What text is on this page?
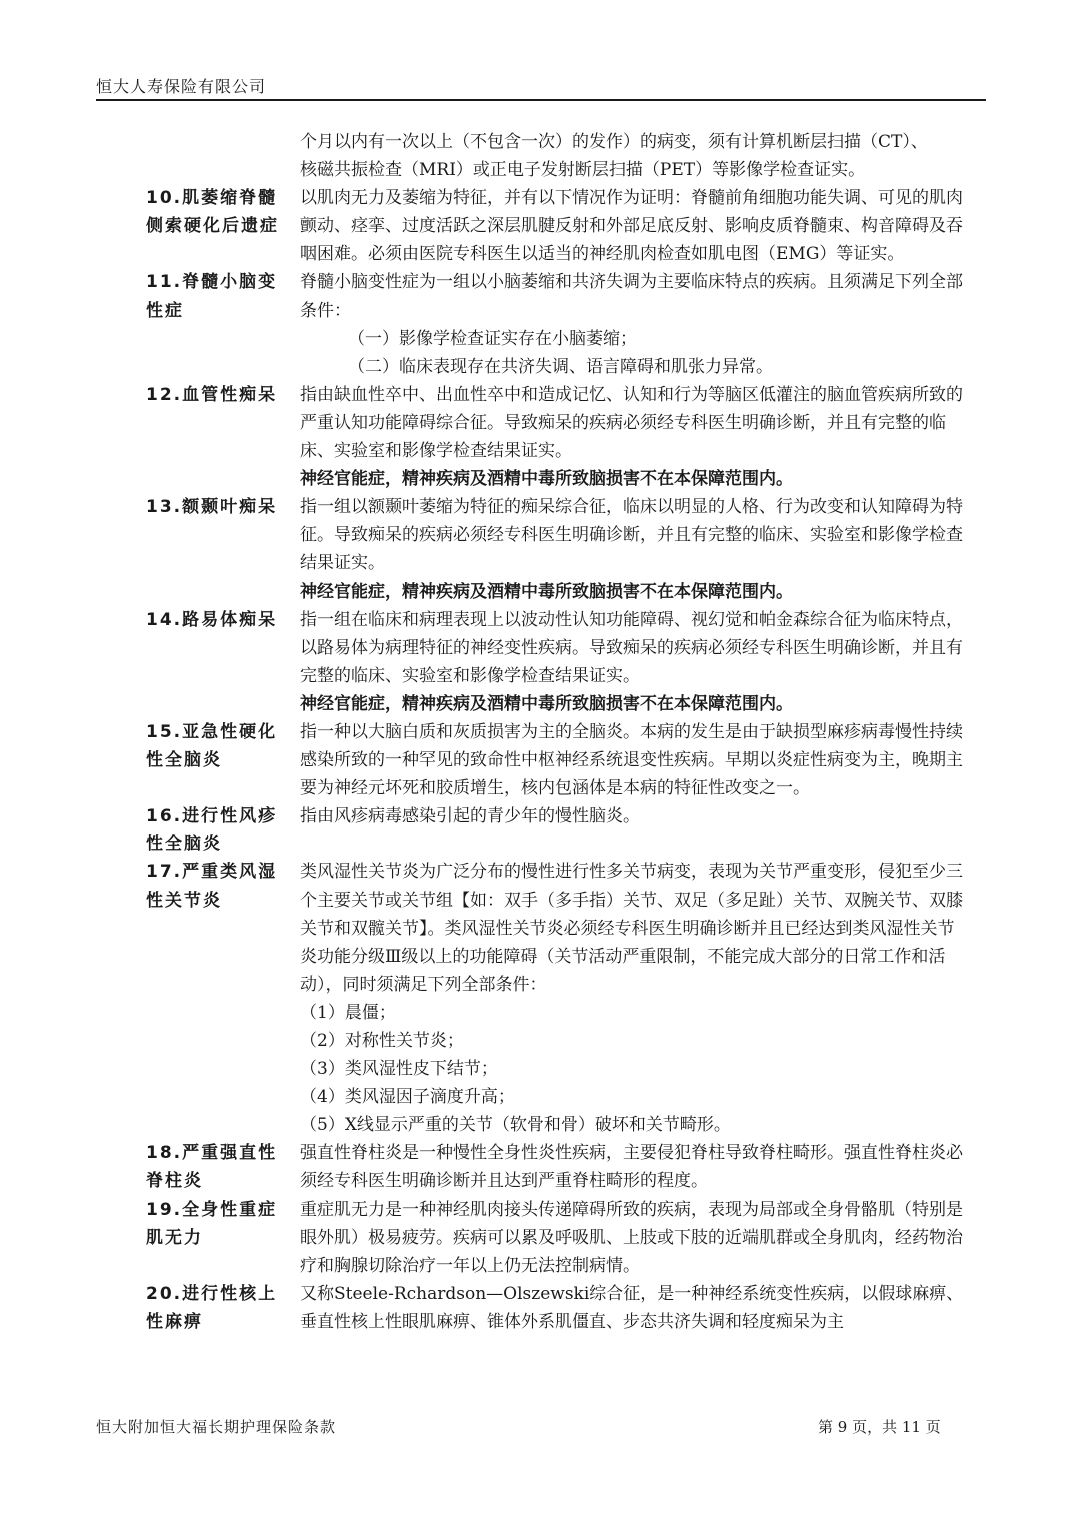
恒大人寿保险有限公司

个月以内有一次以上（不包含一次）的发作）的病变，须有计算机断层扫描（CT）、

核磁共振检查（MRI）或正电子发射断层扫描（PET）等影像学检查证实。

10.肌萎缩脊髓
侧索硬化后遗症

以肌肉无力及萎缩为特征，并有以下情况作为证明：脊髓前角细胞功能失调、可见的肌肉颤动、痉挛、过度活跃之深层肌腱反射和外部足底反射、影响皮质脊髓束、构音障碍及吞咽困难。必须由医院专科医生以适当的神经肌肉检查如肌电图（EMG）等证实。

11.脊髓小脑变
性症

脊髓小脑变性症为一组以小脑萎缩和共济失调为主要临床特点的疾病。且须满足下列全部条件：

（一）影像学检查证实存在小脑萎缩；

（二）临床表现存在共济失调、语言障碍和肌张力异常。

12.血管性痴呆	指由缺血性卒中、出血性卒中和造成记忆、认知和行为等脑区低灌注的脑血管疾病所致的严重认知功能障碍综合征。导致痴呆的疾病必须经专科医生明确诊断，并且有完整的临床、实验室和影像学检查结果证实。

神经官能症，精神疾病及酒精中毒所致脑损害不在本保障范围内。

13.额颞叶痴呆	指一组以额颞叶萎缩为特征的痴呆综合征，临床以明显的人格、行为改变和认知障碍为特征。导致痴呆的疾病必须经专科医生明确诊断，并且有完整的临床、实验室和影像学检查结果证实。

神经官能症，精神疾病及酒精中毒所致脑损害不在本保障范围内。

14.路易体痴呆	指一组在临床和病理表现上以波动性认知功能障碍、视幻觉和帕金森综合征为临床特点，以路易体为病理特征的神经变性疾病。导致痴呆的疾病必须经专科医生明确诊断，并且有完整的临床、实验室和影像学检查结果证实。

神经官能症，精神疾病及酒精中毒所致脑损害不在本保障范围内。

15.亚急性硬化
性全脑炎

指一种以大脑白质和灰质损害为主的全脑炎。本病的发生是由于缺损型麻疹病毒慢性持续感染所致的一种罕见的致命性中枢神经系统退变性疾病。早期以炎症性病变为主，晚期主要为神经元坏死和胶质增生，核内包涵体是本病的特征性改变之一。

16.进行性风疹
性全脑炎

指由风疹病毒感染引起的青少年的慢性脑炎。

17.严重类风湿
性关节炎

类风湿性关节炎为广泛分布的慢性进行性多关节病变，表现为关节严重变形，侵犯至少三个主要关节或关节组【如：双手（多手指）关节、双足（多足趾）关节、双腕关节、双膝关节和双髋关节】。类风湿性关节炎必须经专科医生明确诊断并且已经达到类风湿性关节炎功能分级Ⅲ级以上的功能障碍（关节活动严重限制，不能完成大部分的日常工作和活动），同时须满足下列全部条件：

（1）晨僵；

（2）对称性关节炎；

（3）类风湿性皮下结节；

（4）类风湿因子滴度升高；

（5）X线显示严重的关节（软骨和骨）破坏和关节畸形。

18.严重强直性
脊柱炎

强直性脊柱炎是一种慢性全身性炎性疾病，主要侵犯脊柱导致脊柱畸形。强直性脊柱炎必须经专科医生明确诊断并且达到严重脊柱畸形的程度。

19.全身性重症
肌无力

重症肌无力是一种神经肌肉接头传递障碍所致的疾病，表现为局部或全身骨骼肌（特别是眼外肌）极易疲劳。疾病可以累及呼吸肌、上肢或下肢的近端肌群或全身肌肉，经药物治疗和胸腺切除治疗一年以上仍无法控制病情。

20.进行性核上
性麻痹

又称Steele-Rchardson—Olszewski综合征，是一种神经系统变性疾病，以假球麻痹、垂直性核上性眼肌麻痹、锥体外系肌僵直、步态共济失调和轻度痴呆为主

恒大附加恒大福长期护理保险条款	第 9 页，共 11 页
